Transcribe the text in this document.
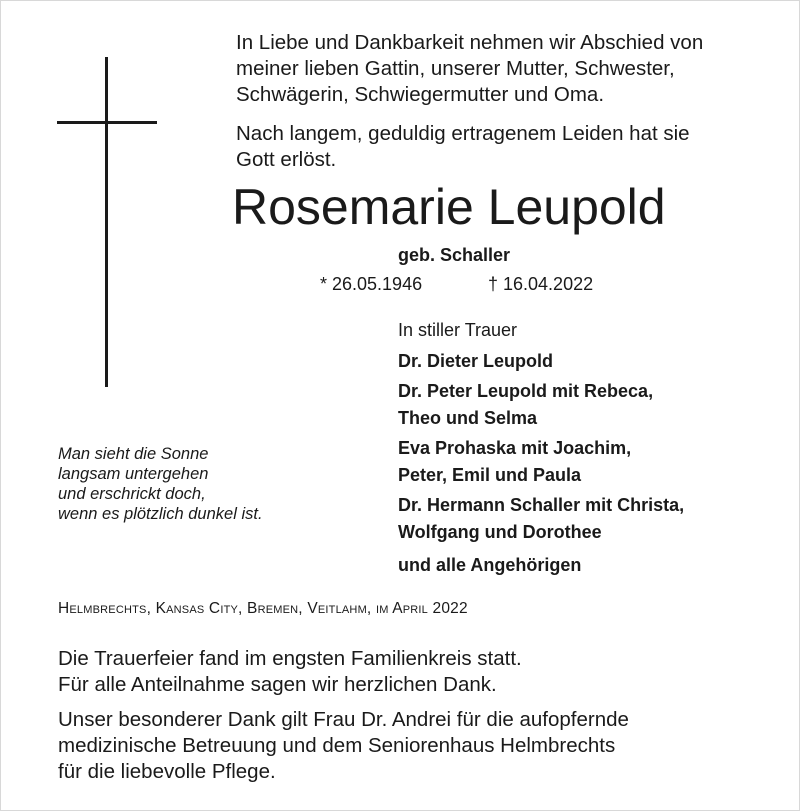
In Liebe und Dankbarkeit nehmen wir Abschied von
meiner lieben Gattin, unserer Mutter, Schwester,
Schwägerin, Schwiegermutter und Oma.

Nach langem, geduldig ertragenem Leiden hat sie
Gott erlöst.

Rosemarie Leupold
geb. Schaller
* 26.05.1946	† 16.04.2022
In stiller Trauer
Dr. Dieter Leupold
Dr. Peter Leupold mit Rebeca,
Theo und Selma
Eva Prohaska mit Joachim,
Peter, Emil und Paula
Dr. Hermann Schaller mit Christa,
Wolfgang und Dorothee
und alle Angehörigen
Man sieht die Sonne
langsam untergehen
und erschrickt doch,
wenn es plötzlich dunkel ist.
Helmbrechts, Kansas City, Bremen, Veitlahm, im April 2022

Die Trauerfeier fand im engsten Familienkreis statt.
Für alle Anteilnahme sagen wir herzlichen Dank.

Unser besonderer Dank gilt Frau Dr. Andrei für die aufopfernde
medizinische Betreuung und dem Seniorenhaus Helmbrechts
für die liebevolle Pflege.
